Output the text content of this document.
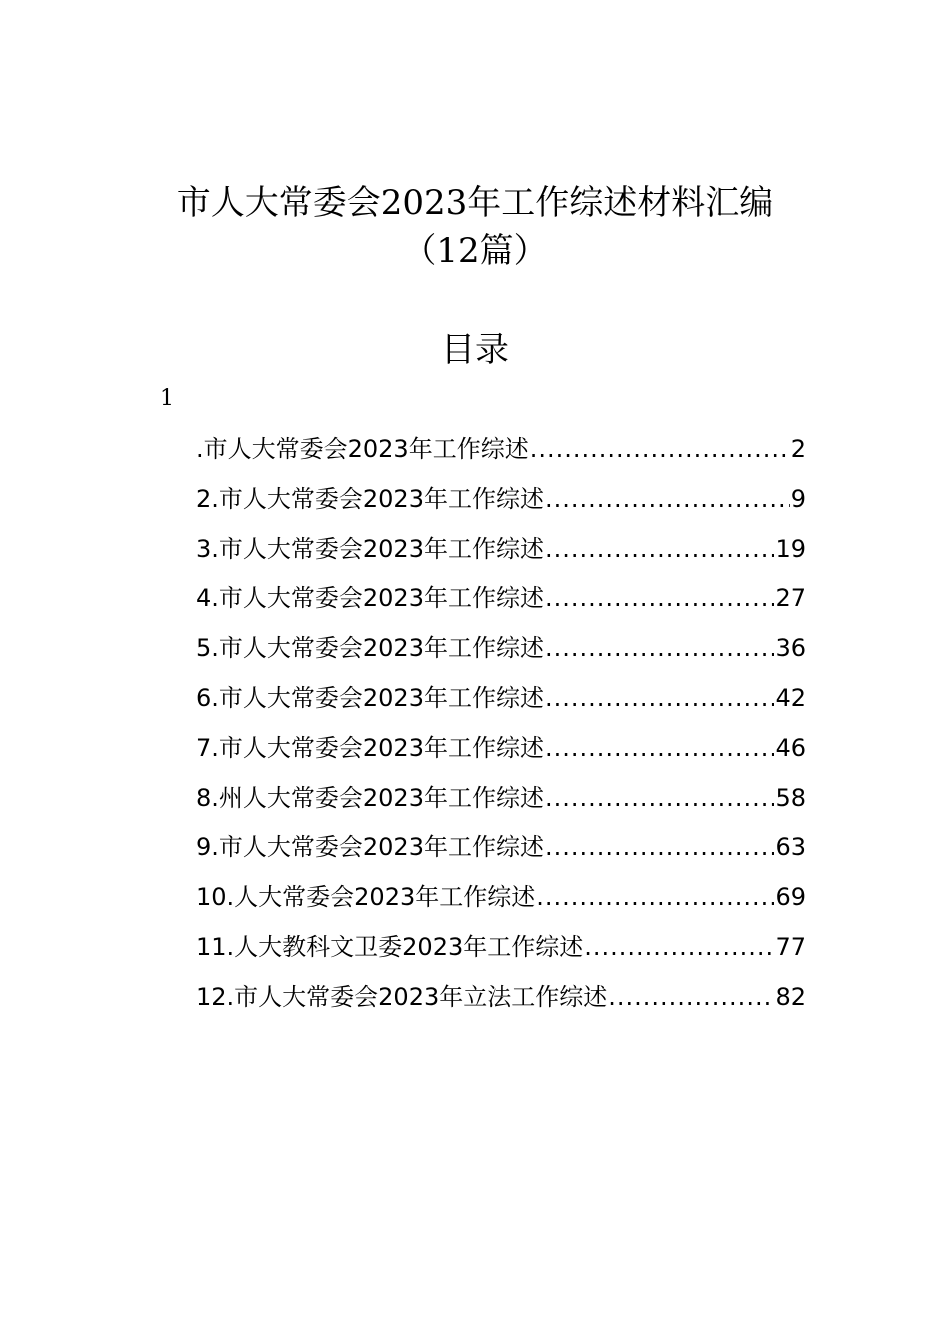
市人大常委会2023年工作综述材料汇编
（12篇）
目录
1
.市人大常委会2023年工作综述 .....	2
2.市人大常委会2023年工作综述 .....	9
3.市人大常委会2023年工作综述 .....	19
4.市人大常委会2023年工作综述 .....	27
5.市人大常委会2023年工作综述 .....	36
6.市人大常委会2023年工作综述 .....	42
7.市人大常委会2023年工作综述 .....	46
8.州人大常委会2023年工作综述 .....	58
9.市人大常委会2023年工作综述 .....	63
10.人大常委会2023年工作综述 .....	69
11.人大教科文卫委2023年工作综述 .....	77
12.市人大常委会2023年立法工作综述 .....	82
